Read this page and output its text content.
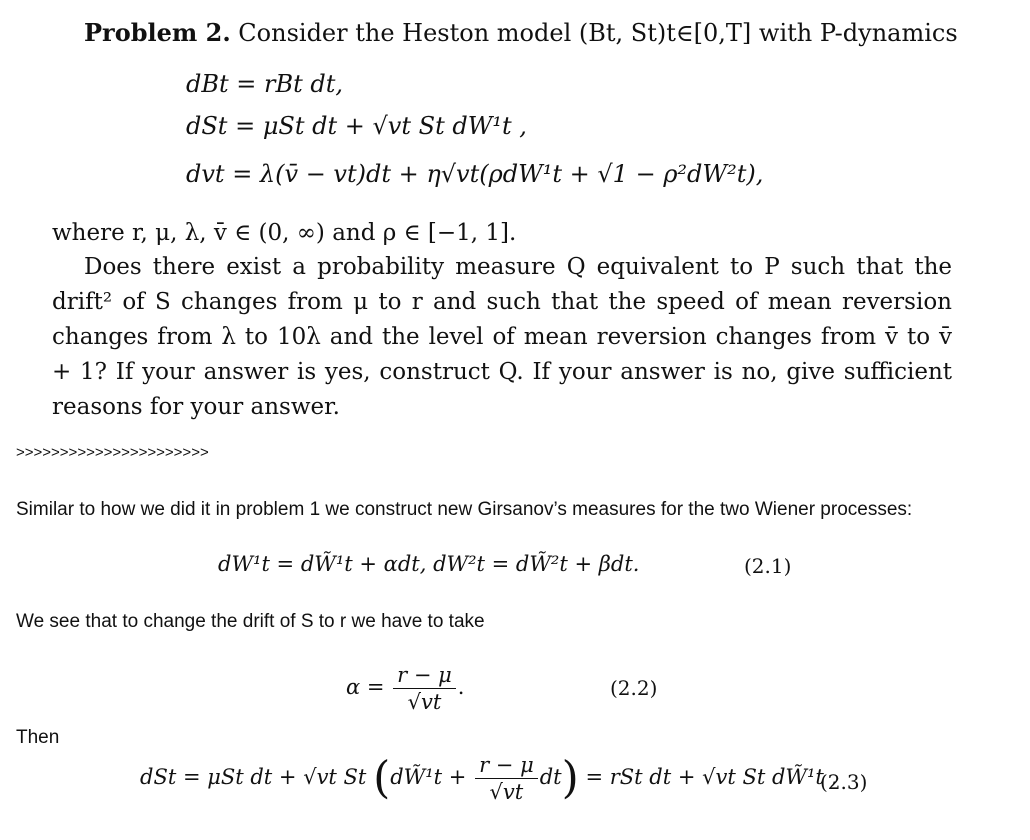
Problem 2. Consider the Heston model (Bt, St)t∈[0,T] with P-dynamics
dBt = rBt dt,
dSt = μSt dt + √vt St dW¹t ,
dvt = λ(v̄ − vt)dt + η√vt(ρdW¹t + √1 − ρ²dW²t),
where r, μ, λ, v̄ ∈ (0, ∞) and ρ ∈ [−1, 1].
Does there exist a probability measure Q equivalent to P such that the drift² of S changes from μ to r and such that the speed of mean reversion changes from λ to 10λ and the level of mean reversion changes from v̄ to v̄ + 1? If your answer is yes, construct Q. If your answer is no, give sufficient reasons for your answer.
>>>>>>>>>>>>>>>>>>>>>>
Similar to how we did it in problem 1 we construct new Girsanov’s measures for the two Wiener processes:
dW¹t = dW̃¹t + αdt, dW²t = dW̃²t + βdt.	(2.1)
We see that to change the drift of S to r we have to take
$\alpha = \frac{r - \mu}{√vt}$ .	(2.2)
Then
dSt = μSt dt + √vt St (dW̃¹t + $\frac{r - \mu}{√vt} dt$) = rSt dt + √vt St dW̃¹t ,
(2.3)
